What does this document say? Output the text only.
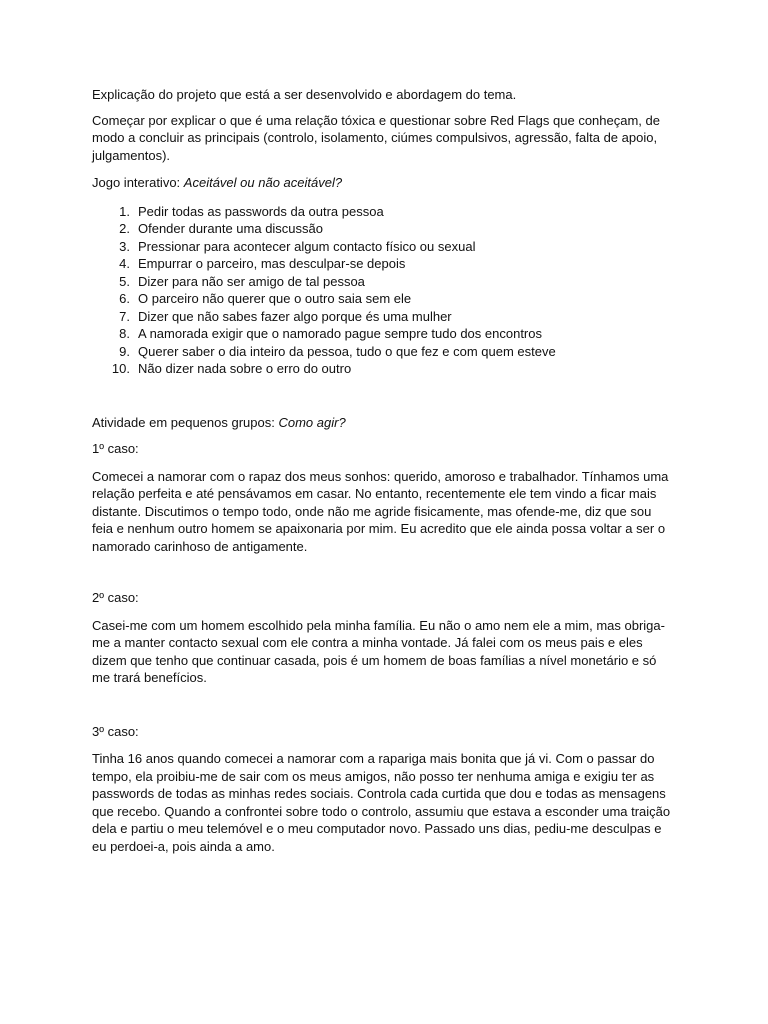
Explicação do projeto que está a ser desenvolvido e abordagem do tema.

Começar por explicar o que é uma relação tóxica e questionar sobre Red Flags que conheçam, de modo a concluir as principais (controlo, isolamento, ciúmes compulsivos, agressão, falta de apoio, julgamentos).

Jogo interativo: Aceitável ou não aceitável?

1. Pedir todas as passwords da outra pessoa
2. Ofender durante uma discussão
3. Pressionar para acontecer algum contacto físico ou sexual
4. Empurrar o parceiro, mas desculpar-se depois
5. Dizer para não ser amigo de tal pessoa
6. O parceiro não querer que o outro saia sem ele
7. Dizer que não sabes fazer algo porque és uma mulher
8. A namorada exigir que o namorado pague sempre tudo dos encontros
9. Querer saber o dia inteiro da pessoa, tudo o que fez e com quem esteve
10. Não dizer nada sobre o erro do outro

Atividade em pequenos grupos: Como agir?

1º caso:

Comecei a namorar com o rapaz dos meus sonhos: querido, amoroso e trabalhador. Tínhamos uma relação perfeita e até pensávamos em casar. No entanto, recentemente ele tem vindo a ficar mais distante. Discutimos o tempo todo, onde não me agride fisicamente, mas ofende-me, diz que sou feia e nenhum outro homem se apaixonaria por mim. Eu acredito que ele ainda possa voltar a ser o namorado carinhoso de antigamente.

2º caso:

Casei-me com um homem escolhido pela minha família. Eu não o amo nem ele a mim, mas obriga-me a manter contacto sexual com ele contra a minha vontade. Já falei com os meus pais e eles dizem que tenho que continuar casada, pois é um homem de boas famílias a nível monetário e só me trará benefícios.

3º caso:

Tinha 16 anos quando comecei a namorar com a rapariga mais bonita que já vi. Com o passar do tempo, ela proibiu-me de sair com os meus amigos, não posso ter nenhuma amiga e exigiu ter as passwords de todas as minhas redes sociais. Controla cada curtida que dou e todas as mensagens que recebo. Quando a confrontei sobre todo o controlo, assumiu que estava a esconder uma traição dela e partiu o meu telemóvel e o meu computador novo. Passado uns dias, pediu-me desculpas e eu perdoei-a, pois ainda a amo.
